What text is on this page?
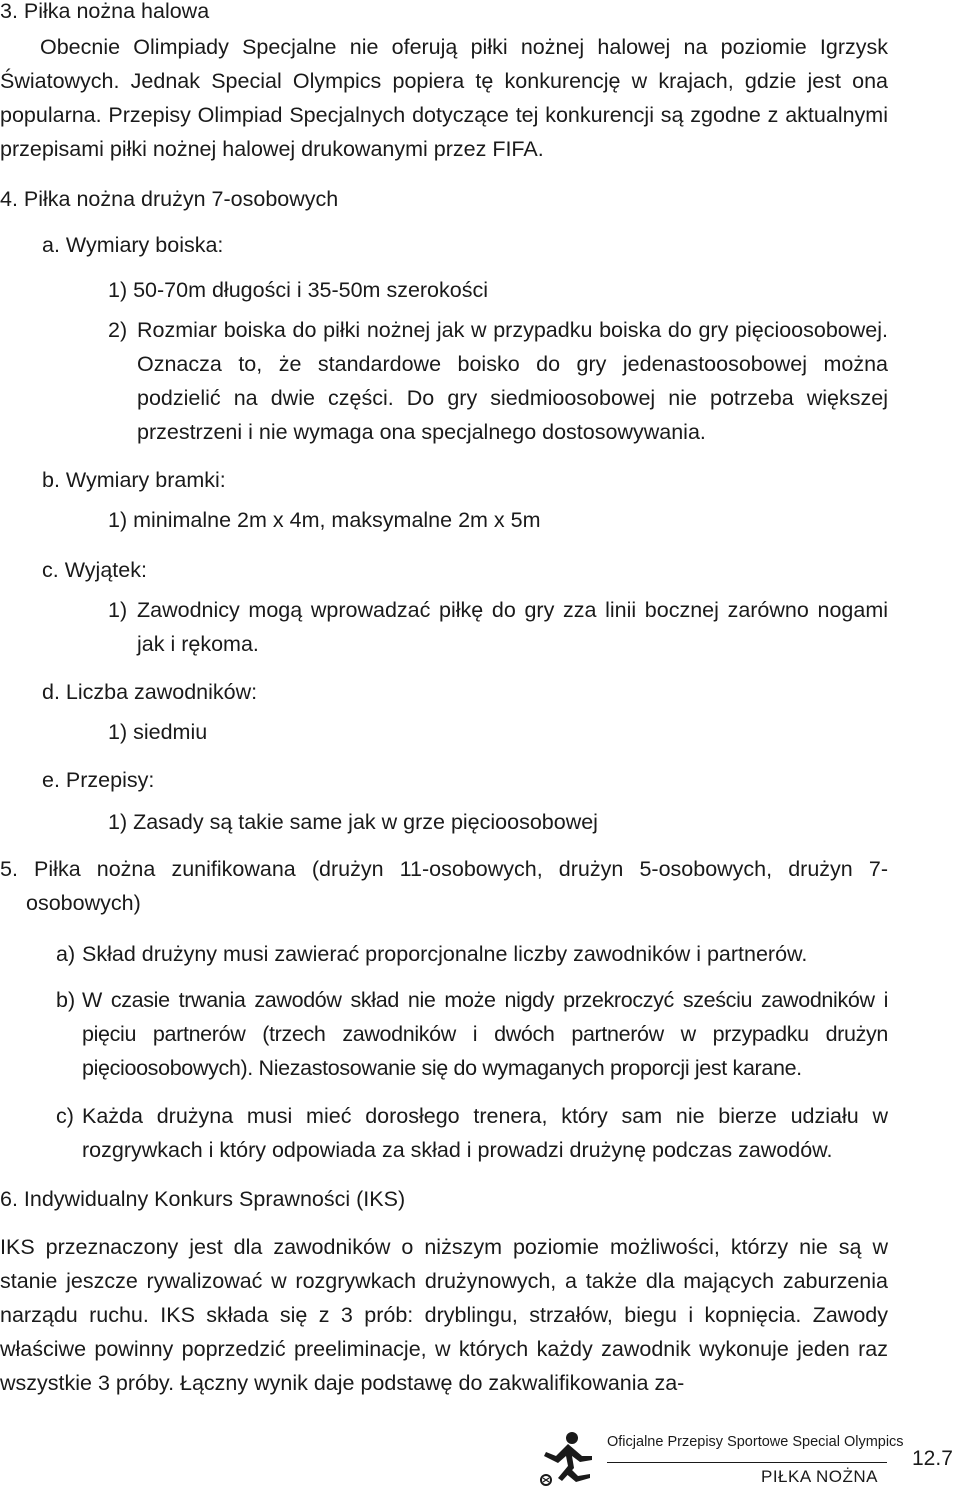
3. Piłka nożna halowa

Obecnie Olimpiady Specjalne nie oferują piłki nożnej halowej na poziomie Igrzysk Światowych. Jednak Special Olympics popiera tę konkurencję w krajach, gdzie jest ona popularna. Przepisy Olimpiad Specjalnych dotyczące tej konkurencji są zgodne z aktualnymi przepisami piłki nożnej halowej drukowanymi przez FIFA.

4. Piłka nożna drużyn 7-osobowych
a. Wymiary boiska:
1) 50-70m długości i 35-50m szerokości
2) Rozmiar boiska do piłki nożnej jak w przypadku boiska do gry pięcioosobowej. Oznacza to, że standardowe boisko do gry jedenastoosobowej można podzielić na dwie części. Do gry siedmioosobowej nie potrzeba większej przestrzeni i nie wymaga ona specjalnego dostosowywania.

b. Wymiary bramki:
1) minimalne 2m x 4m, maksymalne 2m x 5m
c. Wyjątek:
1) Zawodnicy mogą wprowadzać piłkę do gry zza linii bocznej zarówno nogami jak i rękoma.

d. Liczba zawodników:
1) siedmiu
e. Przepisy:
1) Zasady są takie same jak w grze pięcioosobowej

5. Piłka nożna zunifikowana (drużyn 11-osobowych, drużyn 5-osobowych, drużyn 7-osobowych)

a) Skład drużyny musi zawierać proporcjonalne liczby zawodników i partnerów.

b) W czasie trwania zawodów skład nie może nigdy przekroczyć sześciu zawodników i pięciu partnerów (trzech zawodników i dwóch partnerów w przypadku drużyn pięcioosobowych). Niezastosowanie się do wymaganych proporcji jest karane.

c) Każda drużyna musi mieć dorosłego trenera, który sam nie bierze udziału w rozgrywkach i który odpowiada za skład i prowadzi drużynę podczas zawodów.

6. Indywidualny Konkurs Sprawności (IKS)

IKS przeznaczony jest dla zawodników o niższym poziomie możliwości, którzy nie są w stanie jeszcze rywalizować w rozgrywkach drużynowych, a także dla mających zaburzenia narządu ruchu. IKS składa się z 3 prób: dryblingu, strzałów, biegu i kopnięcia. Zawody właściwe powinny poprzedzić preeliminacje, w których każdy zawodnik wykonuje jeden raz wszystkie 3 próby. Łączny wynik daje podstawę do zakwalifikowania za-

Oficjalne Przepisy Sportowe Special Olympics
PIŁKA NOŻNA
12.7
